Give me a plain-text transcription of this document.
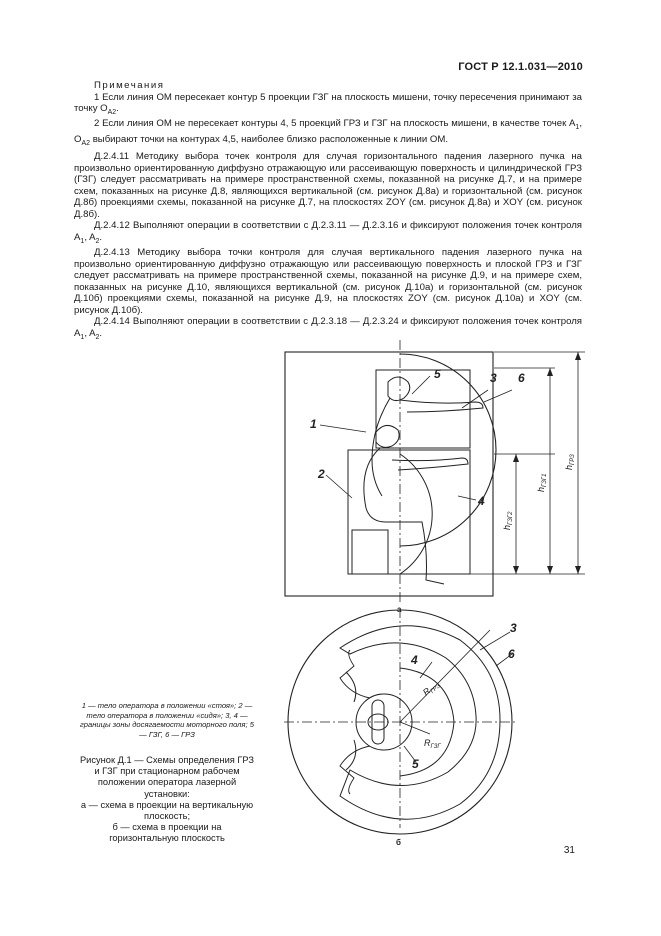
ГОСТ Р 12.1.031—2010

Примечания

1 Если линия ОМ пересекает контур 5 проекции ГЗГ на плоскость мишени, точку пересечения принимают за точку $O_{A2}$.

2 Если линия ОМ не пересекает контуры 4, 5 проекций ГРЗ и ГЗГ на плоскость мишени, в качестве точек $A_1$, $O_{A2}$ выбирают точки на контурах 4,5, наиболее близко расположенные к линии ОМ.

Д.2.4.11 Методику выбора точек контроля для случая горизонтального падения лазерного пучка на произвольно ориентированную диффузно отражающую или рассеивающую поверхность и цилиндрической ГРЗ (ГЗГ) следует рассматривать на примере пространственной схемы, показанной на рисунке Д.7, и на примере схем, показанных на рисунке Д.8, являющихся вертикальной (см. рисунок Д.8а) и горизонтальной (см. рисунок Д.8б) проекциями схемы, показанной на рисунке Д.7, на плоскостях ZOY (см. рисунок Д.8а) и XOY (см. рисунок Д.8б).

Д.2.4.12 Выполняют операции в соответствии с Д.2.3.11 — Д.2.3.16 и фиксируют положения точек контроля $A_1$, $A_2$.

Д.2.4.13 Методику выбора точки контроля для случая вертикального падения лазерного пучка на произвольно ориентированную диффузно отражающую или рассеивающую поверхность и плоской ГРЗ и ГЗГ следует рассматривать на примере пространственной схемы, показанной на рисунке Д.9, и на примере схем, показанных на рисунке Д.10, являющихся вертикальной (см. рисунок Д.10а) и горизонтальной (см. рисунок Д.10б) проекциями схемы, показанной на рисунке Д.9, на плоскостях ZOY (см. рисунок Д.10а) и XOY (см. рисунок Д.10б).

Д.2.4.14 Выполняют операции в соответствии с Д.2.3.18 — Д.2.3.24 и фиксируют положения точек контроля $A_1$, $A_2$.

1
2
5	3 6
4
$h_{ГРЗ}$
$h_{ГЗГ1}$
$h_{ГЗГ2}$
а
3
6
4
5
$R_{ГРЗ}$
$R_{ГЗГ}$
б
1 — тело оператора в положении «стоя»; 2 — тело оператора в положении «сидя»; 3, 4 — границы зоны досягаемости моторного поля; 5 — ГЗГ, 6 — ГРЗ

Рисунок Д.1 — Схемы определения ГРЗ и ГЗГ при стационарном рабочем положении оператора лазерной установки:

а — схема в проекции на вертикальную плоскость;

б — схема в проекции на горизонтальную плоскость

31
